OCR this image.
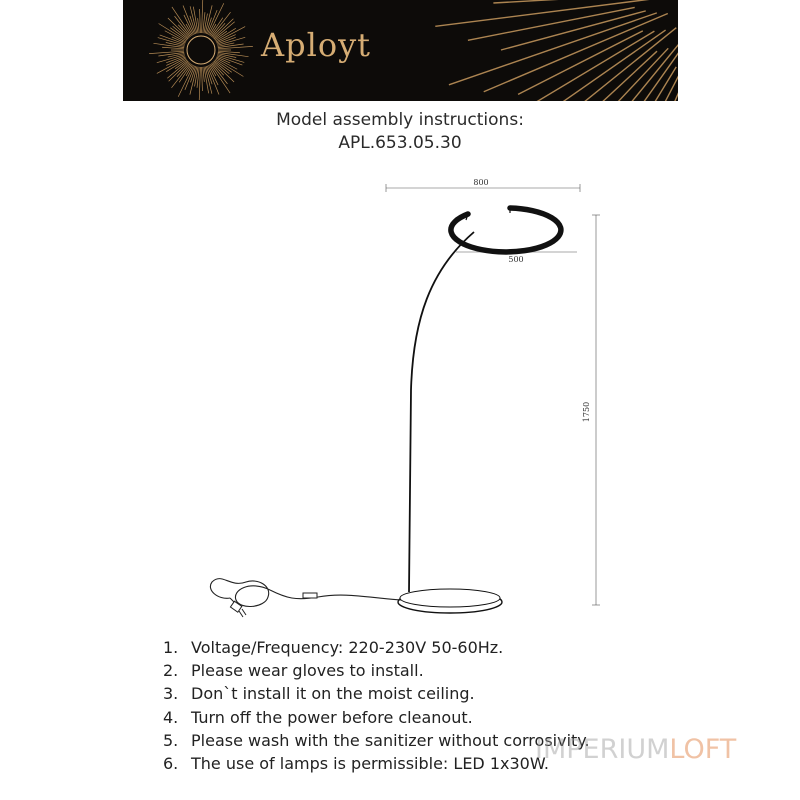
Aployt
Model assembly instructions:
APL.653.05.30
800
500
1750
1. Voltage/Frequency: 220-230V 50-60Hz.
2. Please wear gloves to install.
3. Don`t install it on the moist ceiling.
4. Turn off the power before cleanout.
5. Please wash with the sanitizer without corrosivity.
6. The use of lamps is permissible: LED 1x30W.
IMPERIUMLOFT
